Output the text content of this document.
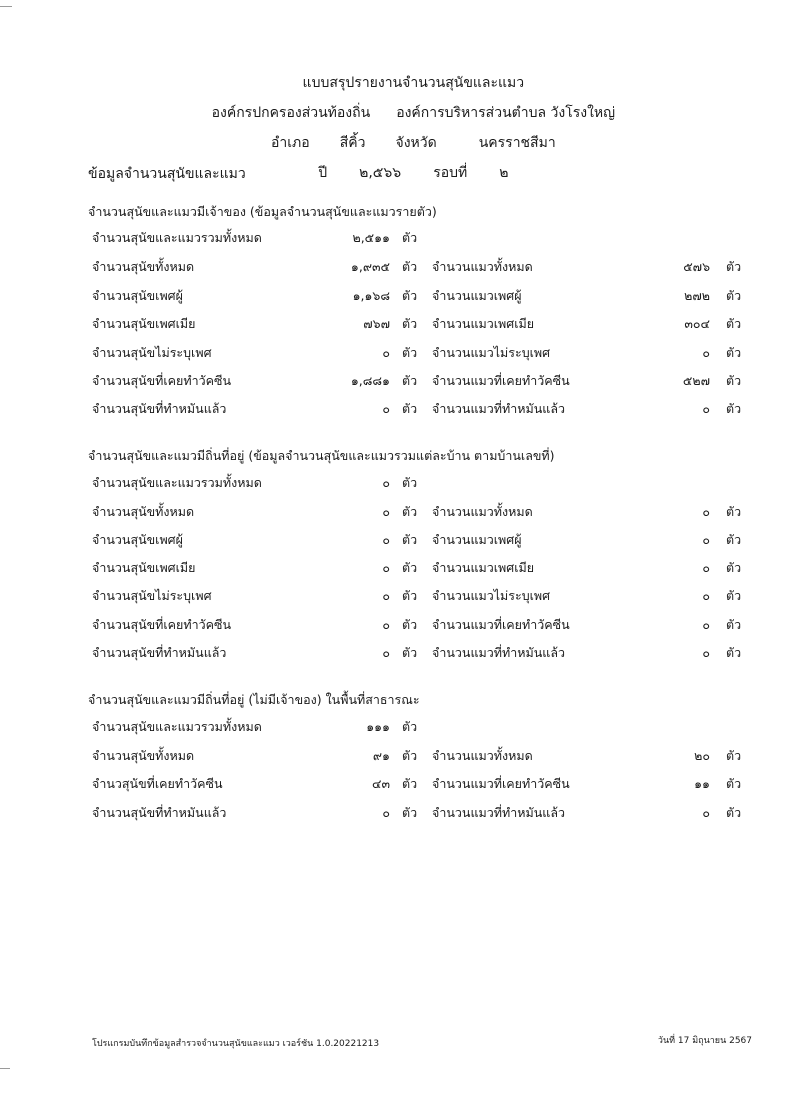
แบบสรุปรายงานจำนวนสุนัขและแมว

องค์กรปกครองส่วนท้องถิ่น องค์การบริหารส่วนตำบล วังโรงใหญ่

อำเภอ สีคิ้ว จังหวัด	นครราชสีมา

ปี ๒,๕๖๖ รอบที่ ๒

ข้อมูลจำนวนสุนัขและแมว
จำนวนสุนัขและแมวมีเจ้าของ (ข้อมูลจำนวนสุนัขและแมวรายตัว)
จำนวนสุนัขและแมวรวมทั้งหมด	๒,๕๑๑ ตัว
จำนวนสุนัขทั้งหมด	๑,๙๓๕ ตัว จำนวนแมวทั้งหมด	๕๗๖ ตัว
จำนวนสุนัขเพศผู้	๑,๑๖๘ ตัว จำนวนแมวเพศผู้	๒๗๒ ตัว
จำนวนสุนัขเพศเมีย	๗๖๗ ตัว จำนวนแมวเพศเมีย	๓๐๔ ตัว
จำนวนสุนัขไม่ระบุเพศ	๐ ตัว จำนวนแมวไม่ระบุเพศ	๐ ตัว
จำนวนสุนัขที่เคยทำวัคซีน	๑,๘๘๑ ตัว จำนวนแมวที่เคยทำวัคซีน	๕๒๗ ตัว
จำนวนสุนัขที่ทำหมันแล้ว	๐ ตัว จำนวนแมวที่ทำหมันแล้ว	๐ ตัว
จำนวนสุนัขและแมวมีถิ่นที่อยู่ (ข้อมูลจำนวนสุนัขและแมวรวมแต่ละบ้าน ตามบ้านเลขที่)
จำนวนสุนัขและแมวรวมทั้งหมด	๐ ตัว
จำนวนสุนัขทั้งหมด	๐ ตัว จำนวนแมวทั้งหมด	๐ ตัว
จำนวนสุนัขเพศผู้	๐ ตัว จำนวนแมวเพศผู้	๐ ตัว
จำนวนสุนัขเพศเมีย	๐ ตัว จำนวนแมวเพศเมีย	๐ ตัว
จำนวนสุนัขไม่ระบุเพศ	๐ ตัว จำนวนแมวไม่ระบุเพศ	๐ ตัว
จำนวนสุนัขที่เคยทำวัคซีน	๐ ตัว จำนวนแมวที่เคยทำวัคซีน	๐ ตัว
จำนวนสุนัขที่ทำหมันแล้ว	๐ ตัว จำนวนแมวที่ทำหมันแล้ว	๐ ตัว
จำนวนสุนัขและแมวมีถิ่นที่อยู่ (ไม่มีเจ้าของ) ในพื้นที่สาธารณะ
จำนวนสุนัขและแมวรวมทั้งหมด	๑๑๑ ตัว
จำนวนสุนัขทั้งหมด	๙๑ ตัว จำนวนแมวทั้งหมด	๒๐ ตัว
จำนวสุนัขที่เคยทำวัคซีน	๔๓ ตัว จำนวนแมวที่เคยทำวัคซีน	๑๑ ตัว
จำนวนสุนัขที่ทำหมันแล้ว	๐ ตัว จำนวนแมวที่ทำหมันแล้ว	๐ ตัว
โปรแกรมบันทึกข้อมูลสำรวจจำนวนสุนัขและแมว เวอร์ชัน 1.0.20221213	วันที่ 17 มิถุนายน 2567
